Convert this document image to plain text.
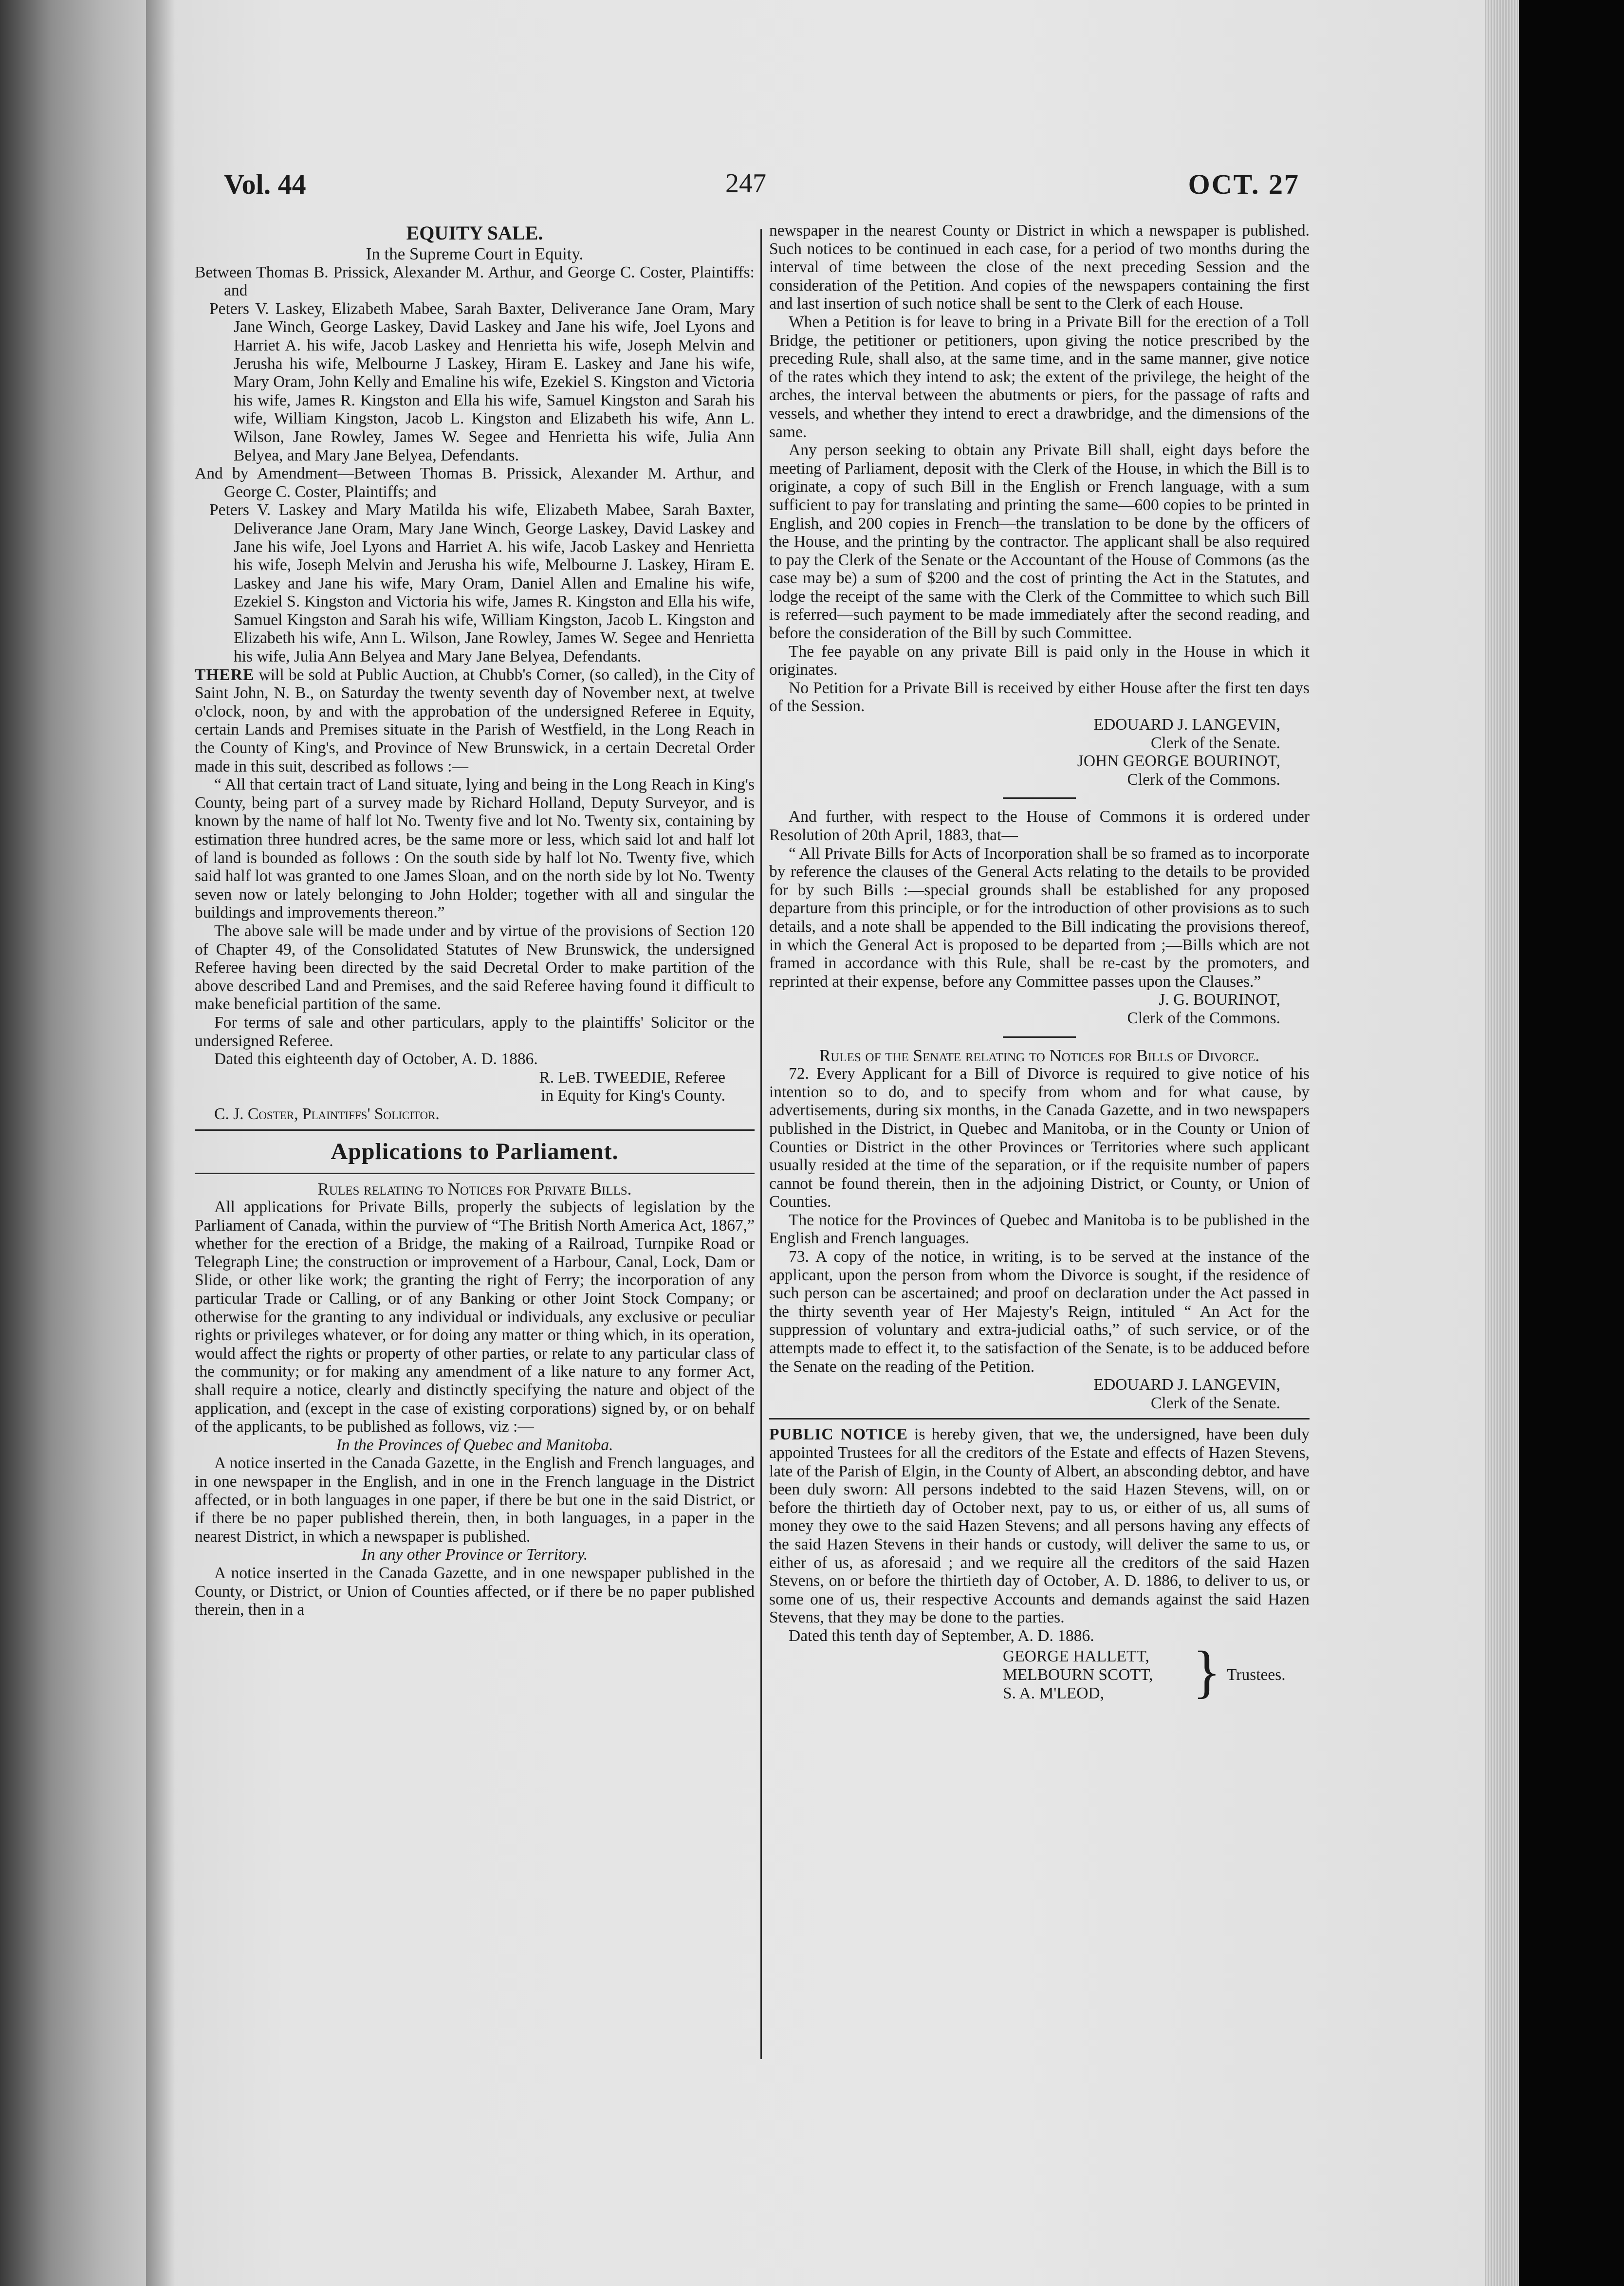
Vol. 44	247	OCT. 27

EQUITY SALE.

In the Supreme Court in Equity.

Between Thomas B. Prissick, Alexander M. Arthur, and George C. Coster, Plaintiffs: and

Peters V. Laskey, Elizabeth Mabee, Sarah Baxter, Deliverance Jane Oram, Mary Jane Winch, George Laskey, David Laskey and Jane his wife, Joel Lyons and Harriet A. his wife, Jacob Laskey and Henrietta his wife, Joseph Melvin and Jerusha his wife, Melbourne J Laskey, Hiram E. Laskey and Jane his wife, Mary Oram, John Kelly and Emaline his wife, Ezekiel S. Kingston and Victoria his wife, James R. Kingston and Ella his wife, Samuel Kingston and Sarah his wife, William Kingston, Jacob L. Kingston and Elizabeth his wife, Ann L. Wilson, Jane Rowley, James W. Segee and Henrietta his wife, Julia Ann Belyea, and Mary Jane Belyea, Defendants.

And by Amendment—Between Thomas B. Prissick, Alexander M. Arthur, and George C. Coster, Plaintiffs; and

Peters V. Laskey and Mary Matilda his wife, Elizabeth Mabee, Sarah Baxter, Deliverance Jane Oram, Mary Jane Winch, George Laskey, David Laskey and Jane his wife, Joel Lyons and Harriet A. his wife, Jacob Laskey and Henrietta his wife, Joseph Melvin and Jerusha his wife, Melbourne J. Laskey, Hiram E. Laskey and Jane his wife, Mary Oram, Daniel Allen and Emaline his wife, Ezekiel S. Kingston and Victoria his wife, James R. Kingston and Ella his wife, Samuel Kingston and Sarah his wife, William Kingston, Jacob L. Kingston and Elizabeth his wife, Ann L. Wilson, Jane Rowley, James W. Segee and Henrietta his wife, Julia Ann Belyea and Mary Jane Belyea, Defendants.

THERE will be sold at Public Auction, at Chubb's Corner, (so called), in the City of Saint John, N. B., on Saturday the twenty seventh day of November next, at twelve o'clock, noon, by and with the approbation of the undersigned Referee in Equity, certain Lands and Premises situate in the Parish of Westfield, in the Long Reach in the County of King's, and Province of New Brunswick, in a certain Decretal Order made in this suit, described as follows :—

“ All that certain tract of Land situate, lying and being in the Long Reach in King's County, being part of a survey made by Richard Holland, Deputy Surveyor, and is known by the name of half lot No. Twenty five and lot No. Twenty six, containing by estimation three hundred acres, be the same more or less, which said lot and half lot of land is bounded as follows : On the south side by half lot No. Twenty five, which said half lot was granted to one James Sloan, and on the north side by lot No. Twenty seven now or lately belonging to John Holder; together with all and singular the buildings and improvements thereon.”

The above sale will be made under and by virtue of the provisions of Section 120 of Chapter 49, of the Consolidated Statutes of New Brunswick, the undersigned Referee having been directed by the said Decretal Order to make partition of the above described Land and Premises, and the said Referee having found it difficult to make beneficial partition of the same.

For terms of sale and other particulars, apply to the plaintiffs' Solicitor or the undersigned Referee.

Dated this eighteenth day of October, A. D. 1886.

R. LeB. TWEEDIE, Referee

in Equity for King's County.

C. J. Coster, Plaintiffs' Solicitor.

Applications to Parliament.

Rules relating to Notices for Private Bills.

All applications for Private Bills, properly the subjects of legislation by the Parliament of Canada, within the purview of “The British North America Act, 1867,” whether for the erection of a Bridge, the making of a Railroad, Turnpike Road or Telegraph Line; the construction or improvement of a Harbour, Canal, Lock, Dam or Slide, or other like work; the granting the right of Ferry; the incorporation of any particular Trade or Calling, or of any Banking or other Joint Stock Company; or otherwise for the granting to any individual or individuals, any exclusive or peculiar rights or privileges whatever, or for doing any matter or thing which, in its operation, would affect the rights or property of other parties, or relate to any particular class of the community; or for making any amendment of a like nature to any former Act, shall require a notice, clearly and distinctly specifying the nature and object of the application, and (except in the case of existing corporations) signed by, or on behalf of the applicants, to be published as follows, viz :—

In the Provinces of Quebec and Manitoba.

A notice inserted in the Canada Gazette, in the English and French languages, and in one newspaper in the English, and in one in the French language in the District affected, or in both languages in one paper, if there be but one in the said District, or if there be no paper published therein, then, in both languages, in a paper in the nearest District, in which a newspaper is published.

In any other Province or Territory.

A notice inserted in the Canada Gazette, and in one newspaper published in the County, or District, or Union of Counties affected, or if there be no paper published therein, then in a

newspaper in the nearest County or District in which a newspaper is published. Such notices to be continued in each case, for a period of two months during the interval of time between the close of the next preceding Session and the consideration of the Petition. And copies of the newspapers containing the first and last insertion of such notice shall be sent to the Clerk of each House.

When a Petition is for leave to bring in a Private Bill for the erection of a Toll Bridge, the petitioner or petitioners, upon giving the notice prescribed by the preceding Rule, shall also, at the same time, and in the same manner, give notice of the rates which they intend to ask; the extent of the privilege, the height of the arches, the interval between the abutments or piers, for the passage of rafts and vessels, and whether they intend to erect a drawbridge, and the dimensions of the same.

Any person seeking to obtain any Private Bill shall, eight days before the meeting of Parliament, deposit with the Clerk of the House, in which the Bill is to originate, a copy of such Bill in the English or French language, with a sum sufficient to pay for translating and printing the same—600 copies to be printed in English, and 200 copies in French—the translation to be done by the officers of the House, and the printing by the contractor. The applicant shall be also required to pay the Clerk of the Senate or the Accountant of the House of Commons (as the case may be) a sum of $200 and the cost of printing the Act in the Statutes, and lodge the receipt of the same with the Clerk of the Committee to which such Bill is referred—such payment to be made immediately after the second reading, and before the consideration of the Bill by such Committee.

The fee payable on any private Bill is paid only in the House in which it originates.

No Petition for a Private Bill is received by either House after the first ten days of the Session.

EDOUARD J. LANGEVIN,

Clerk of the Senate.

JOHN GEORGE BOURINOT,

Clerk of the Commons.

And further, with respect to the House of Commons it is ordered under Resolution of 20th April, 1883, that—

“ All Private Bills for Acts of Incorporation shall be so framed as to incorporate by reference the clauses of the General Acts relating to the details to be provided for by such Bills :—special grounds shall be established for any proposed departure from this principle, or for the introduction of other provisions as to such details, and a note shall be appended to the Bill indicating the provisions thereof, in which the General Act is proposed to be departed from ;—Bills which are not framed in accordance with this Rule, shall be re-cast by the promoters, and reprinted at their expense, before any Committee passes upon the Clauses.”

J. G. BOURINOT,

Clerk of the Commons.

Rules of the Senate relating to Notices for Bills of Divorce.

72. Every Applicant for a Bill of Divorce is required to give notice of his intention so to do, and to specify from whom and for what cause, by advertisements, during six months, in the Canada Gazette, and in two newspapers published in the District, in Quebec and Manitoba, or in the County or Union of Counties or District in the other Provinces or Territories where such applicant usually resided at the time of the separation, or if the requisite number of papers cannot be found therein, then in the adjoining District, or County, or Union of Counties.

The notice for the Provinces of Quebec and Manitoba is to be published in the English and French languages.

73. A copy of the notice, in writing, is to be served at the instance of the applicant, upon the person from whom the Divorce is sought, if the residence of such person can be ascertained; and proof on declaration under the Act passed in the thirty seventh year of Her Majesty's Reign, intituled “ An Act for the suppression of voluntary and extra-judicial oaths,” of such service, or of the attempts made to effect it, to the satisfaction of the Senate, is to be adduced before the Senate on the reading of the Petition.

EDOUARD J. LANGEVIN,

Clerk of the Senate.

PUBLIC NOTICE is hereby given, that we, the undersigned, have been duly appointed Trustees for all the creditors of the Estate and effects of Hazen Stevens, late of the Parish of Elgin, in the County of Albert, an absconding debtor, and have been duly sworn: All persons indebted to the said Hazen Stevens, will, on or before the thirtieth day of October next, pay to us, or either of us, all sums of money they owe to the said Hazen Stevens; and all persons having any effects of the said Hazen Stevens in their hands or custody, will deliver the same to us, or either of us, as aforesaid ; and we require all the creditors of the said Hazen Stevens, on or before the thirtieth day of October, A. D. 1886, to deliver to us, or some one of us, their respective Accounts and demands against the said Hazen Stevens, that they may be done to the parties.

Dated this tenth day of September, A. D. 1886.

GEORGE HALLETT,
MELBOURN SCOTT,
S. A. M'LEOD,	} Trustees.
